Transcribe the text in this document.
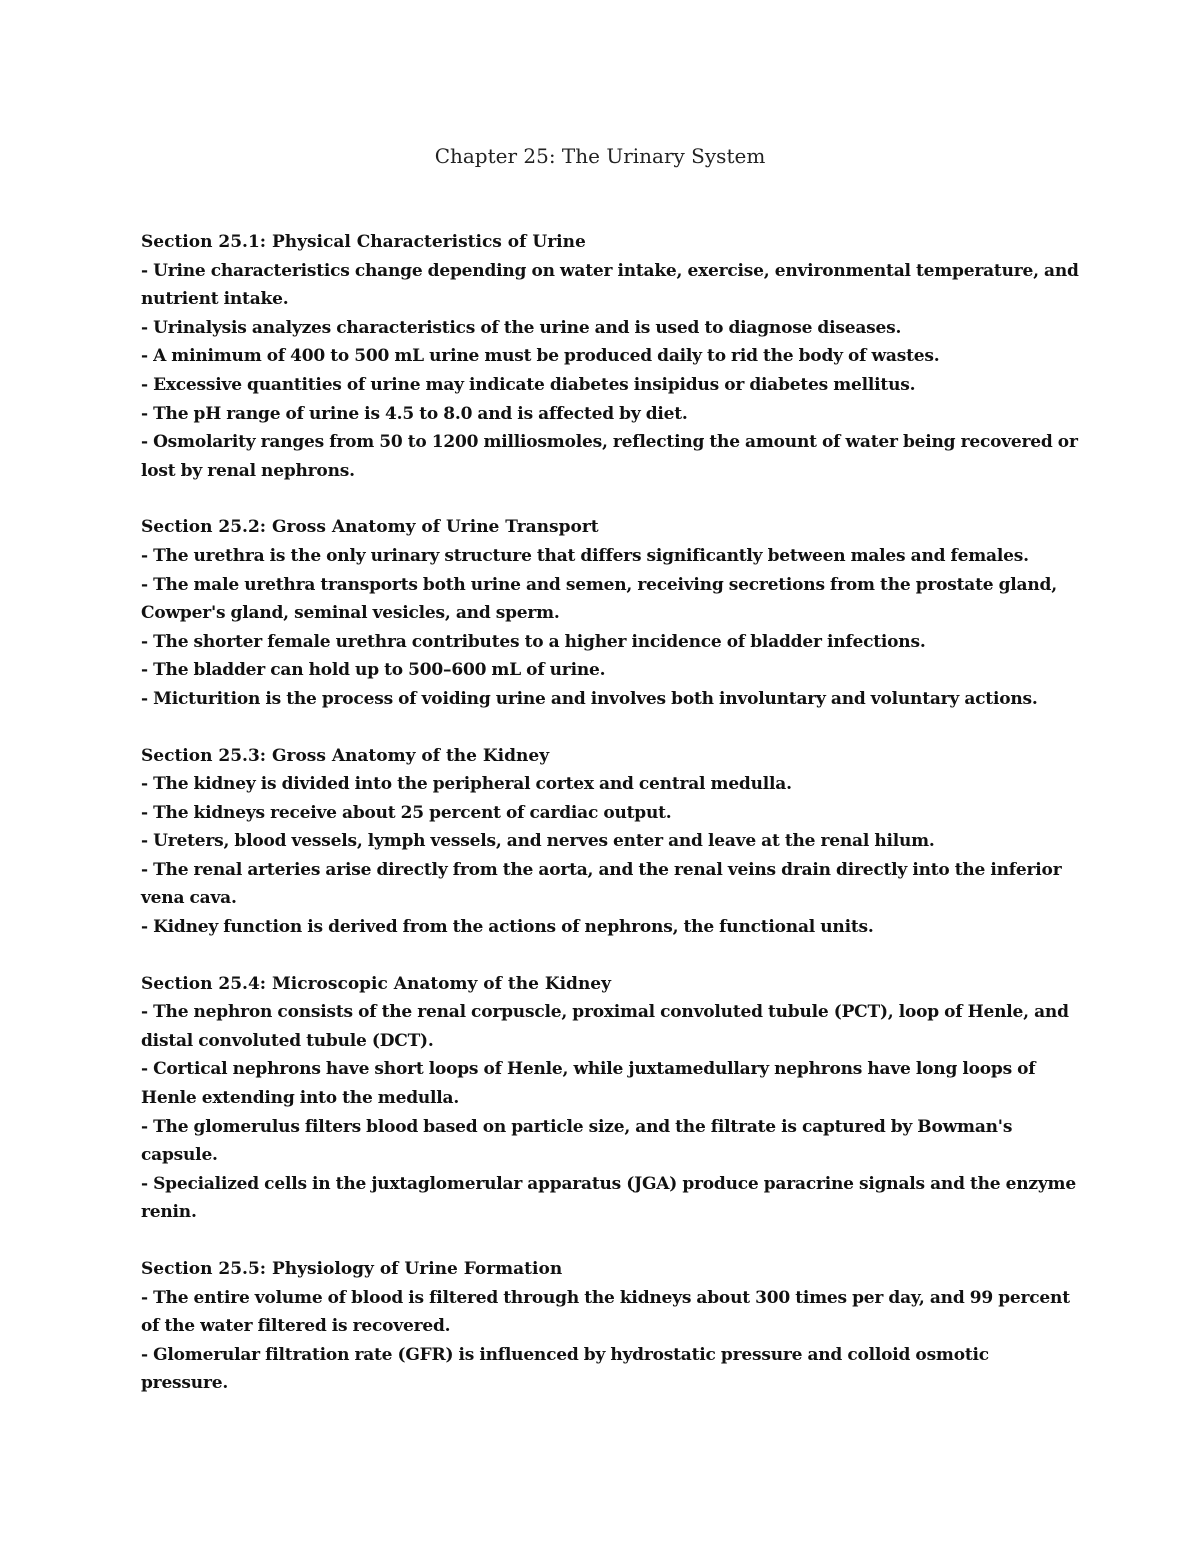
Chapter 25: The Urinary System
Section 25.1: Physical Characteristics of Urine
- Urine characteristics change depending on water intake, exercise, environmental temperature, and nutrient intake.
- Urinalysis analyzes characteristics of the urine and is used to diagnose diseases.
- A minimum of 400 to 500 mL urine must be produced daily to rid the body of wastes.
- Excessive quantities of urine may indicate diabetes insipidus or diabetes mellitus.
- The pH range of urine is 4.5 to 8.0 and is affected by diet.
- Osmolarity ranges from 50 to 1200 milliosmoles, reflecting the amount of water being recovered or lost by renal nephrons.
Section 25.2: Gross Anatomy of Urine Transport
- The urethra is the only urinary structure that differs significantly between males and females.
- The male urethra transports both urine and semen, receiving secretions from the prostate gland, Cowper's gland, seminal vesicles, and sperm.
- The shorter female urethra contributes to a higher incidence of bladder infections.
- The bladder can hold up to 500–600 mL of urine.
- Micturition is the process of voiding urine and involves both involuntary and voluntary actions.
Section 25.3: Gross Anatomy of the Kidney
- The kidney is divided into the peripheral cortex and central medulla.
- The kidneys receive about 25 percent of cardiac output.
- Ureters, blood vessels, lymph vessels, and nerves enter and leave at the renal hilum.
- The renal arteries arise directly from the aorta, and the renal veins drain directly into the inferior vena cava.
- Kidney function is derived from the actions of nephrons, the functional units.
Section 25.4: Microscopic Anatomy of the Kidney
- The nephron consists of the renal corpuscle, proximal convoluted tubule (PCT), loop of Henle, and distal convoluted tubule (DCT).
- Cortical nephrons have short loops of Henle, while juxtamedullary nephrons have long loops of Henle extending into the medulla.
- The glomerulus filters blood based on particle size, and the filtrate is captured by Bowman's capsule.
- Specialized cells in the juxtaglomerular apparatus (JGA) produce paracrine signals and the enzyme renin.
Section 25.5: Physiology of Urine Formation
- The entire volume of blood is filtered through the kidneys about 300 times per day, and 99 percent of the water filtered is recovered.
- Glomerular filtration rate (GFR) is influenced by hydrostatic pressure and colloid osmotic pressure.
